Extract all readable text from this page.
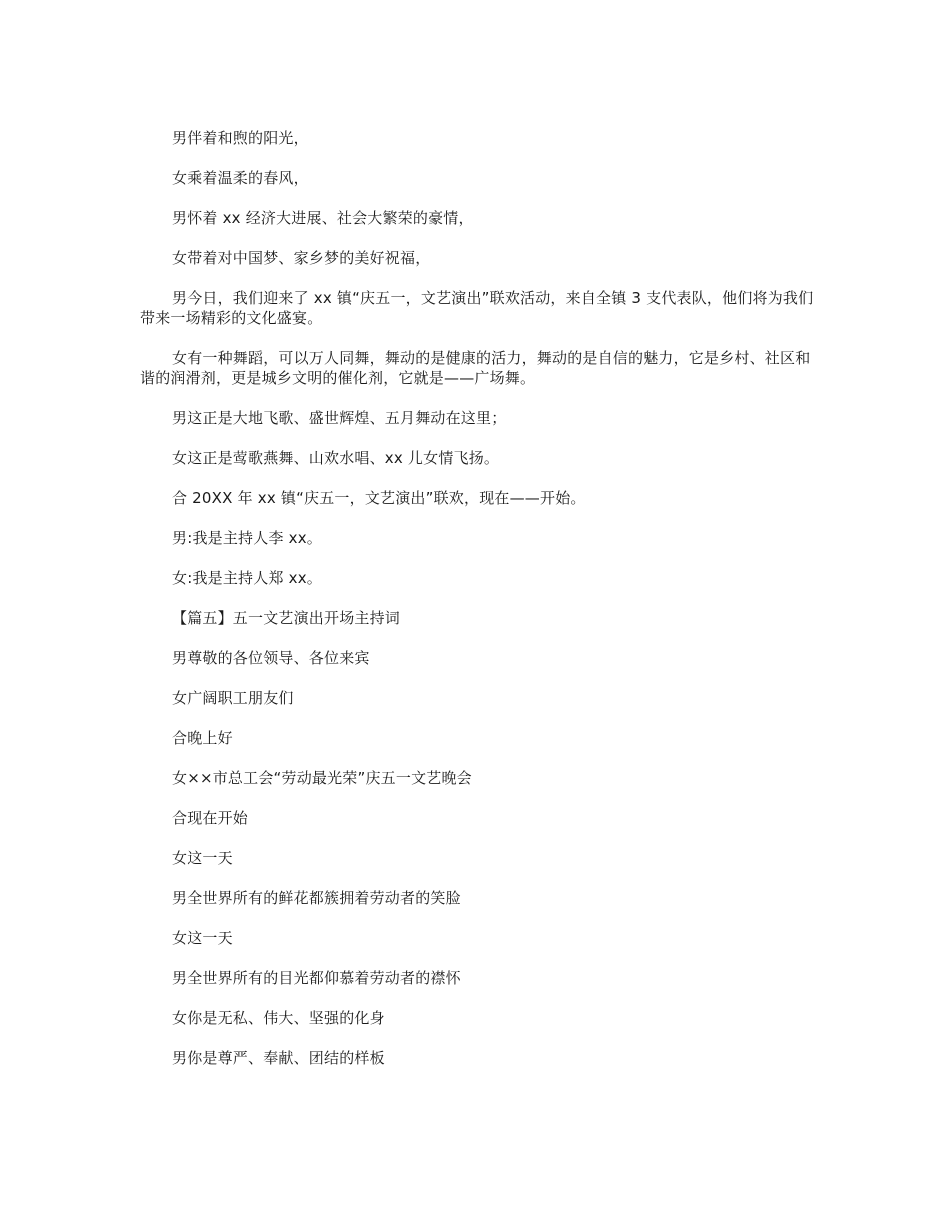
男伴着和煦的阳光，

女乘着温柔的春风，

男怀着 xx 经济大进展、社会大繁荣的豪情，

女带着对中国梦、家乡梦的美好祝福，

男今日，我们迎来了 xx 镇“庆五一，文艺演出”联欢活动，来自全镇 3 支代表队，他们将为我们带来一场精彩的文化盛宴。

女有一种舞蹈，可以万人同舞，舞动的是健康的活力，舞动的是自信的魅力，它是乡村、社区和谐的润滑剂，更是城乡文明的催化剂，它就是——广场舞。

男这正是大地飞歌、盛世辉煌、五月舞动在这里；

女这正是莺歌燕舞、山欢水唱、xx 儿女情飞扬。

合 20XX 年 xx 镇“庆五一，文艺演出”联欢，现在——开始。

男:我是主持人李 xx。

女:我是主持人郑 xx。

【篇五】五一文艺演出开场主持词

男尊敬的各位领导、各位来宾

女广阔职工朋友们

合晚上好

女××市总工会“劳动最光荣”庆五一文艺晚会

合现在开始

女这一天

男全世界所有的鲜花都簇拥着劳动者的笑脸

女这一天

男全世界所有的目光都仰慕着劳动者的襟怀

女你是无私、伟大、坚强的化身

男你是尊严、奉献、团结的样板
